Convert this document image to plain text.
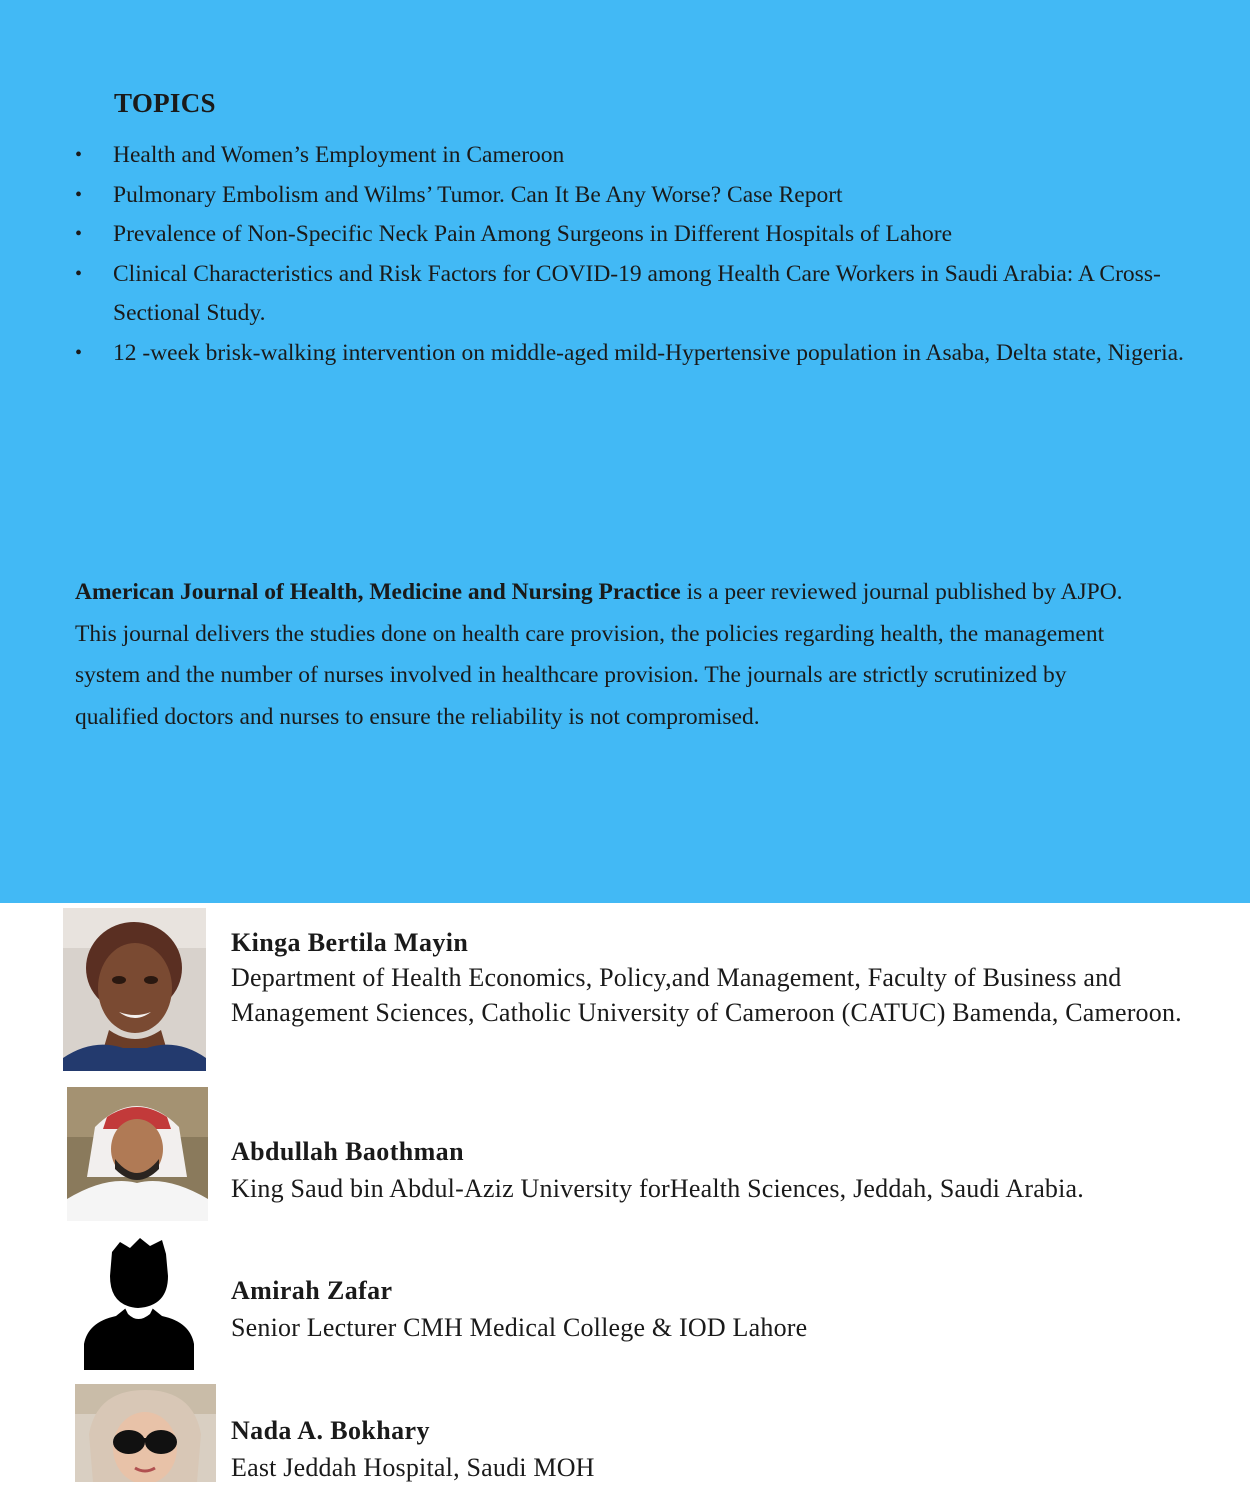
TOPICS
• Health and Women’s Employment in Cameroon
• Pulmonary Embolism and Wilms’ Tumor. Can It Be Any Worse? Case Report
• Prevalence of Non-Specific Neck Pain Among Surgeons in Different Hospitals of Lahore
• Clinical Characteristics and Risk Factors for COVID-19 among Health Care Workers in Saudi Arabia: A Cross-Sectional Study.
• 12 -week brisk-walking intervention on middle-aged mild-Hypertensive population in Asaba, Delta state, Nigeria.

American Journal of Health, Medicine and Nursing Practice is a peer reviewed journal published by AJPO. This journal delivers the studies done on health care provision, the policies regarding health, the management system and the number of nurses involved in healthcare provision. The journals are strictly scrutinized by qualified doctors and nurses to ensure the reliability is not compromised.

Kinga Bertila Mayin
Department of Health Economics, Policy,and Management, Faculty of Business and Management Sciences, Catholic University of Cameroon (CATUC) Bamenda, Cameroon.
Abdullah Baothman
King Saud bin Abdul-Aziz University forHealth Sciences, Jeddah, Saudi Arabia.
Amirah Zafar
Senior Lecturer CMH Medical College & IOD Lahore
Nada A. Bokhary
East Jeddah Hospital, Saudi MOH
